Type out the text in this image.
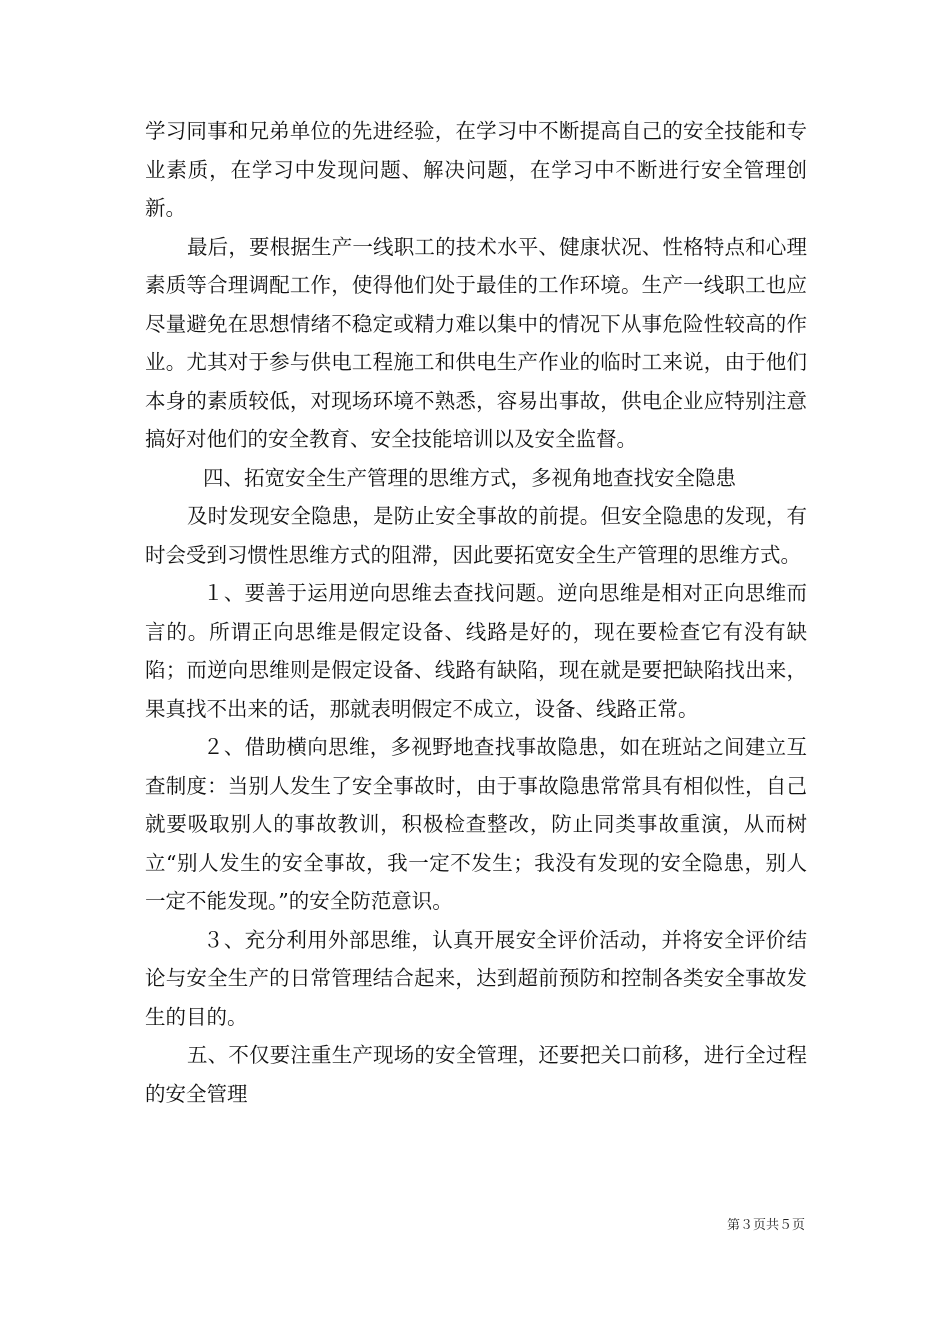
学习同事和兄弟单位的先进经验，在学习中不断提高自己的安全技能和专业素质，在学习中发现问题、解决问题，在学习中不断进行安全管理创新。

最后，要根据生产一线职工的技术水平、健康状况、性格特点和心理素质等合理调配工作，使得他们处于最佳的工作环境。生产一线职工也应尽量避免在思想情绪不稳定或精力难以集中的情况下从事危险性较高的作业。尤其对于参与供电工程施工和供电生产作业的临时工来说，由于他们本身的素质较低，对现场环境不熟悉，容易出事故，供电企业应特别注意搞好对他们的安全教育、安全技能培训以及安全监督。

四、拓宽安全生产管理的思维方式，多视角地查找安全隐患

及时发现安全隐患，是防止安全事故的前提。但安全隐患的发现，有时会受到习惯性思维方式的阻滞，因此要拓宽安全生产管理的思维方式。

１、要善于运用逆向思维去查找问题。逆向思维是相对正向思维而言的。所谓正向思维是假定设备、线路是好的，现在要检查它有没有缺陷；而逆向思维则是假定设备、线路有缺陷，现在就是要把缺陷找出来，果真找不出来的话，那就表明假定不成立，设备、线路正常。

２、借助横向思维，多视野地查找事故隐患，如在班站之间建立互查制度：当别人发生了安全事故时，由于事故隐患常常具有相似性，自己就要吸取别人的事故教训，积极检查整改，防止同类事故重演，从而树立“别人发生的安全事故，我一定不发生；我没有发现的安全隐患，别人一定不能发现。”的安全防范意识。

３、充分利用外部思维，认真开展安全评价活动，并将安全评价结论与安全生产的日常管理结合起来，达到超前预防和控制各类安全事故发生的目的。

五、不仅要注重生产现场的安全管理，还要把关口前移，进行全过程的安全管理

第３页共５页
